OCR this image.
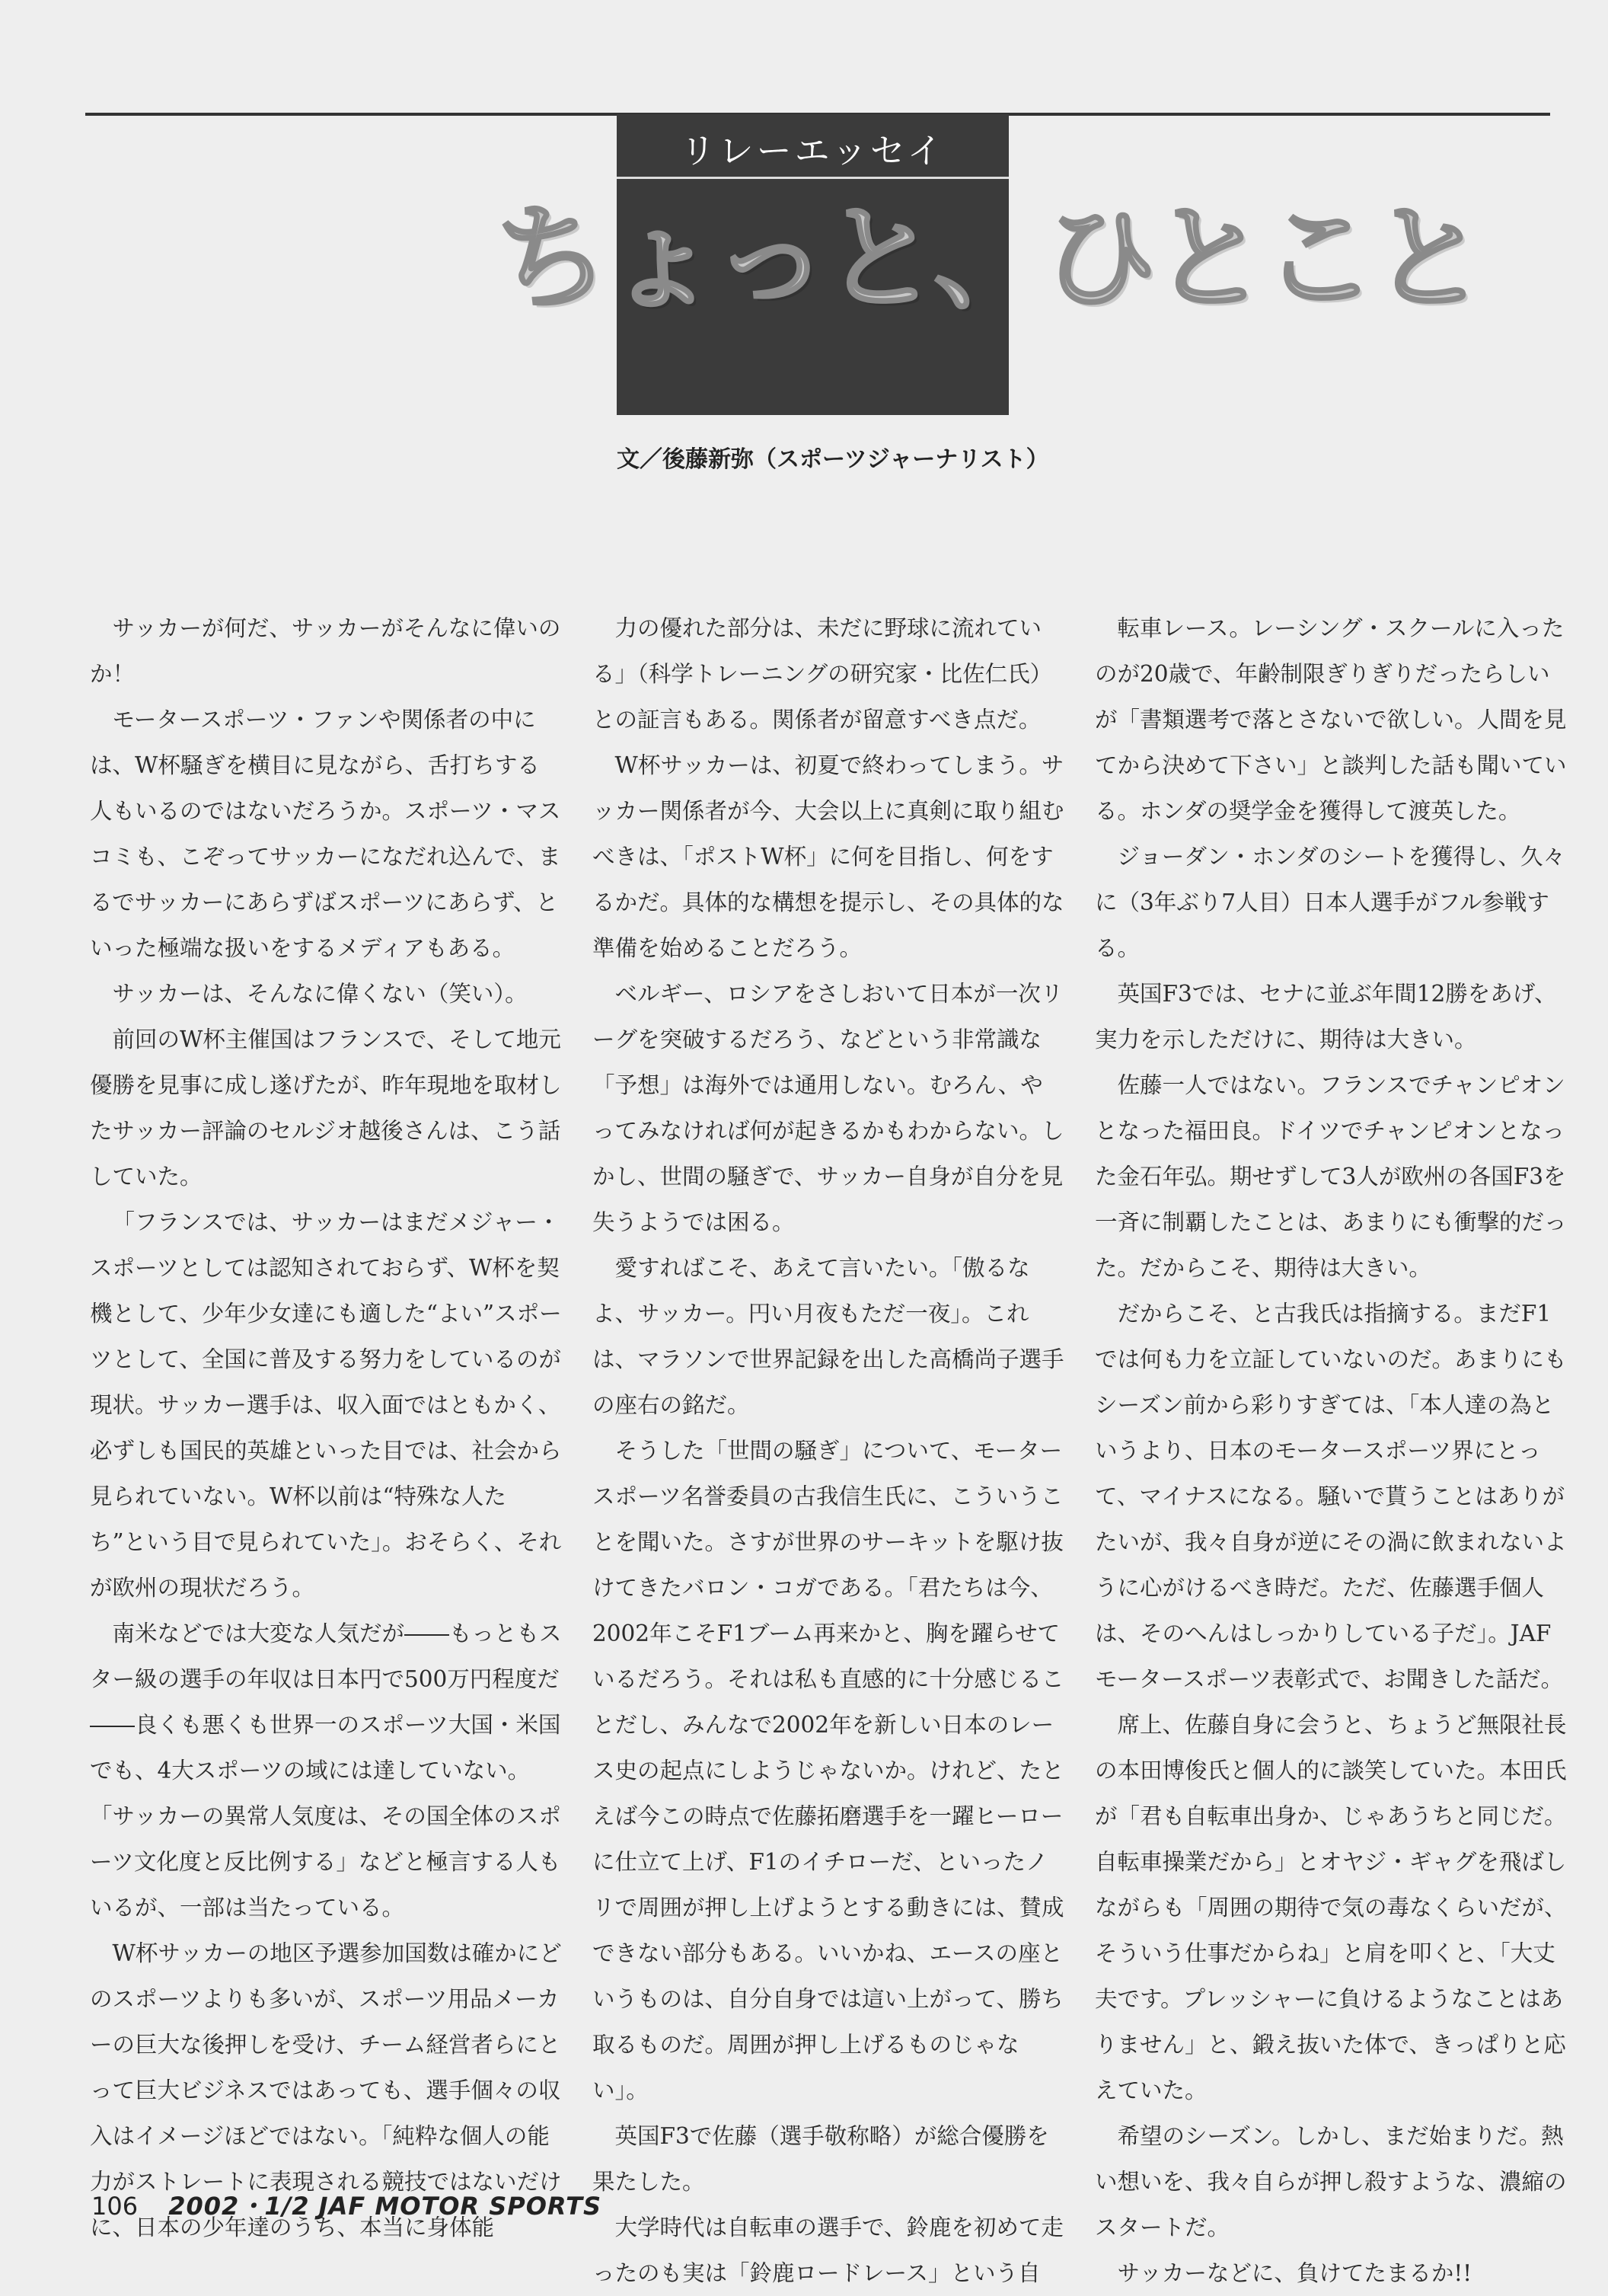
リレーエッセイ
ちょっと、ひとこと
文／後藤新弥（スポーツジャーナリスト）

サッカーが何だ、サッカーがそんなに偉いのか！

モータースポーツ・ファンや関係者の中には、W杯騒ぎを横目に見ながら、舌打ちする人もいるのではないだろうか。スポーツ・マスコミも、こぞってサッカーになだれ込んで、まるでサッカーにあらずばスポーツにあらず、といった極端な扱いをするメディアもある。

サッカーは、そんなに偉くない（笑い）。

前回のW杯主催国はフランスで、そして地元優勝を見事に成し遂げたが、昨年現地を取材したサッカー評論のセルジオ越後さんは、こう話していた。

「フランスでは、サッカーはまだメジャー・スポーツとしては認知されておらず、W杯を契機として、少年少女達にも適した“よい”スポーツとして、全国に普及する努力をしているのが現状。サッカー選手は、収入面ではともかく、必ずしも国民的英雄といった目では、社会から見られていない。W杯以前は“特殊な人たち”という目で見られていた」。おそらく、それが欧州の現状だろう。

南米などでは大変な人気だが――もっともスター級の選手の年収は日本円で500万円程度だ――良くも悪くも世界一のスポーツ大国・米国でも、4大スポーツの域には達していない。「サッカーの異常人気度は、その国全体のスポーツ文化度と反比例する」などと極言する人もいるが、一部は当たっている。

W杯サッカーの地区予選参加国数は確かにどのスポーツよりも多いが、スポーツ用品メーカーの巨大な後押しを受け、チーム経営者らにとって巨大ビジネスではあっても、選手個々の収入はイメージほどではない。「純粋な個人の能力がストレートに表現される競技ではないだけに、日本の少年達のうち、本当に身体能

力の優れた部分は、未だに野球に流れている」（科学トレーニングの研究家・比佐仁氏）との証言もある。関係者が留意すべき点だ。

W杯サッカーは、初夏で終わってしまう。サッカー関係者が今、大会以上に真剣に取り組むべきは、「ポストW杯」に何を目指し、何をするかだ。具体的な構想を提示し、その具体的な準備を始めることだろう。

ベルギー、ロシアをさしおいて日本が一次リーグを突破するだろう、などという非常識な「予想」は海外では通用しない。むろん、やってみなければ何が起きるかもわからない。しかし、世間の騒ぎで、サッカー自身が自分を見失うようでは困る。

愛すればこそ、あえて言いたい。「傲るなよ、サッカー。円い月夜もただ一夜」。これは、マラソンで世界記録を出した高橋尚子選手の座右の銘だ。

そうした「世間の騒ぎ」について、モータースポーツ名誉委員の古我信生氏に、こういうことを聞いた。さすが世界のサーキットを駆け抜けてきたバロン・コガである。「君たちは今、2002年こそF1ブーム再来かと、胸を躍らせているだろう。それは私も直感的に十分感じることだし、みんなで2002年を新しい日本のレース史の起点にしようじゃないか。けれど、たとえば今この時点で佐藤拓磨選手を一躍ヒーローに仕立て上げ、F1のイチローだ、といったノリで周囲が押し上げようとする動きには、賛成できない部分もある。いいかね、エースの座というものは、自分自身では這い上がって、勝ち取るものだ。周囲が押し上げるものじゃない」。

英国F3で佐藤（選手敬称略）が総合優勝を果たした。

大学時代は自転車の選手で、鈴鹿を初めて走ったのも実は「鈴鹿ロードレース」という自

転車レース。レーシング・スクールに入ったのが20歳で、年齢制限ぎりぎりだったらしいが「書類選考で落とさないで欲しい。人間を見てから決めて下さい」と談判した話も聞いている。ホンダの奨学金を獲得して渡英した。

ジョーダン・ホンダのシートを獲得し、久々に（3年ぶり7人目）日本人選手がフル参戦する。

英国F3では、セナに並ぶ年間12勝をあげ、実力を示しただけに、期待は大きい。

佐藤一人ではない。フランスでチャンピオンとなった福田良。ドイツでチャンピオンとなった金石年弘。期せずして3人が欧州の各国F3を一斉に制覇したことは、あまりにも衝撃的だった。だからこそ、期待は大きい。

だからこそ、と古我氏は指摘する。まだF1では何も力を立証していないのだ。あまりにもシーズン前から彩りすぎては、「本人達の為というより、日本のモータースポーツ界にとって、マイナスになる。騒いで貰うことはありがたいが、我々自身が逆にその渦に飲まれないように心がけるべき時だ。ただ、佐藤選手個人は、そのへんはしっかりしている子だ」。JAFモータースポーツ表彰式で、お聞きした話だ。

席上、佐藤自身に会うと、ちょうど無限社長の本田博俊氏と個人的に談笑していた。本田氏が「君も自転車出身か、じゃあうちと同じだ。自転車操業だから」とオヤジ・ギャグを飛ばしながらも「周囲の期待で気の毒なくらいだが、そういう仕事だからね」と肩を叩くと、「大丈夫です。プレッシャーに負けるようなことはありません」と、鍛え抜いた体で、きっぱりと応えていた。

希望のシーズン。しかし、まだ始まりだ。熱い想いを、我々自らが押し殺すような、濃縮のスタートだ。

サッカーなどに、負けてたまるか!!

106 2002・1/2 JAF MOTOR SPORTS
